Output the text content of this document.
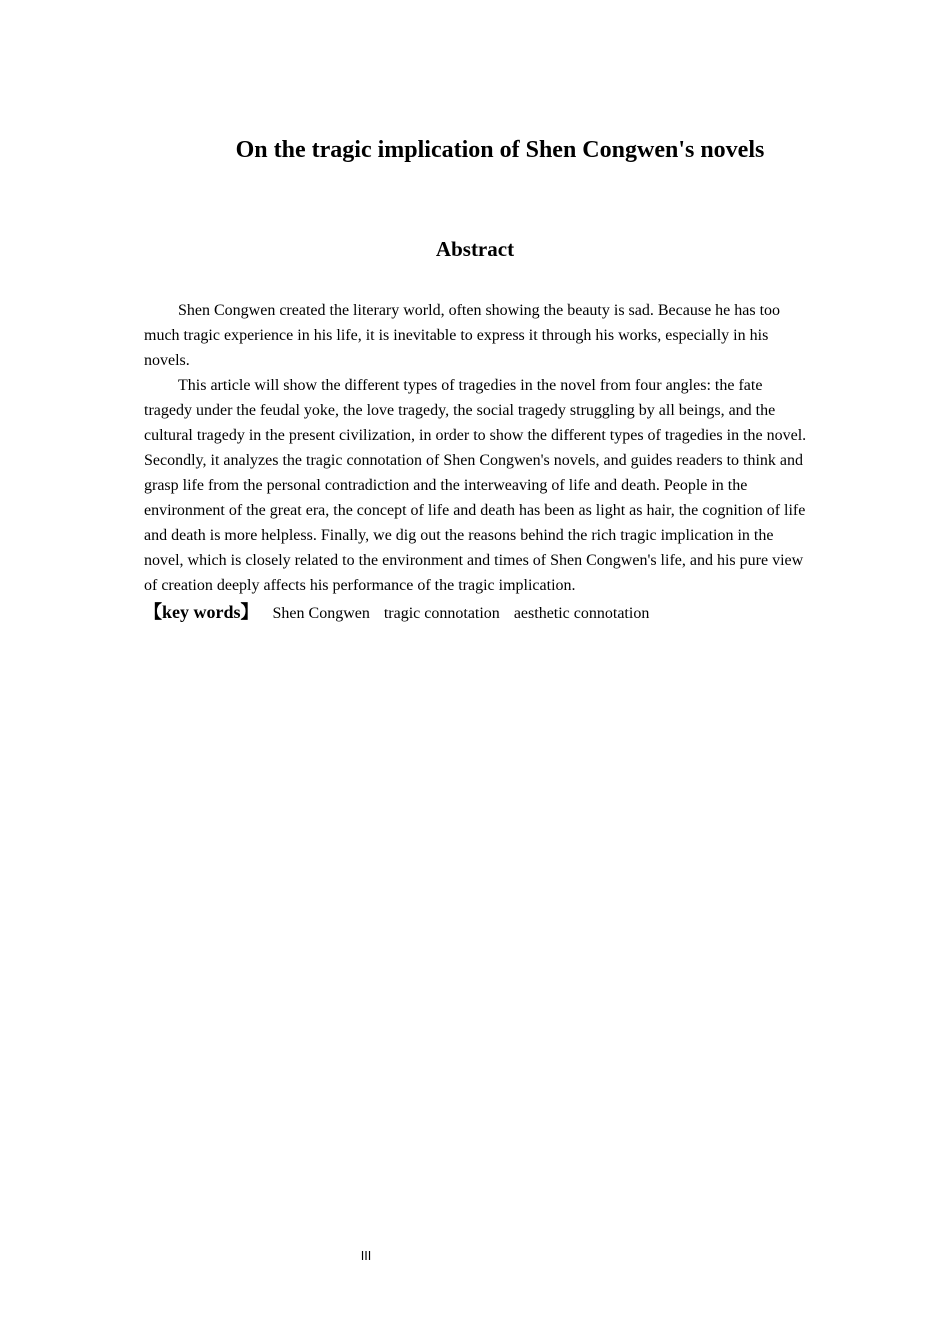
On the tragic implication of Shen Congwen's novels
Abstract

Shen Congwen created the literary world, often showing the beauty is sad. Because he has too much tragic experience in his life, it is inevitable to express it through his works, especially in his novels.

This article will show the different types of tragedies in the novel from four angles: the fate tragedy under the feudal yoke, the love tragedy, the social tragedy struggling by all beings, and the cultural tragedy in the present civilization, in order to show the different types of tragedies in the novel. Secondly, it analyzes the tragic connotation of Shen Congwen's novels, and guides readers to think and grasp life from the personal contradiction and the interweaving of life and death. People in the environment of the great era, the concept of life and death has been as light as hair, the cognition of life and death is more helpless. Finally, we dig out the reasons behind the rich tragic implication in the novel, which is closely related to the environment and times of Shen Congwen's life, and his pure view of creation deeply affects his performance of the tragic implication.

【key words】 Shen Congwen tragic connotation aesthetic connotation
III
